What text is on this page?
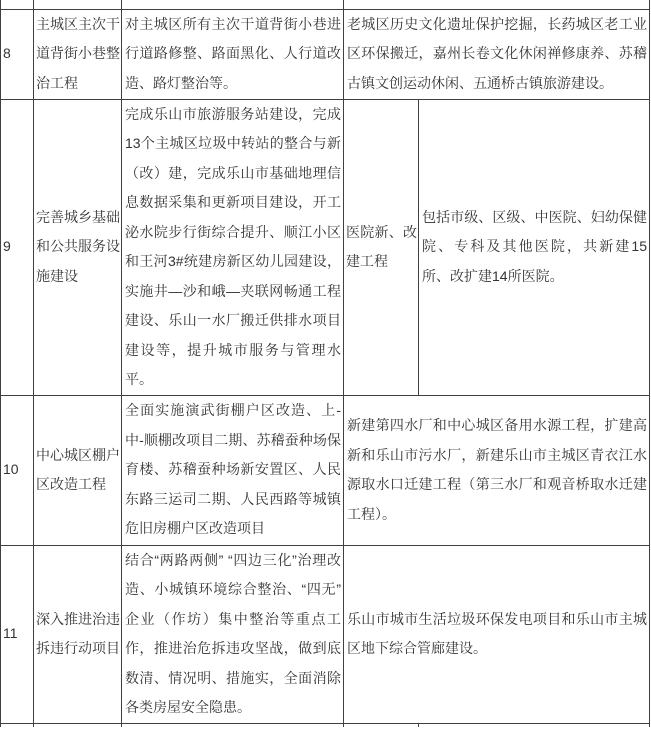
8	主城区主次干道背街小巷整治工程	对主城区所有主次干道背街小巷进行道路修整、路面黑化、人行道改造、路灯整治等。	老城区历史文化遗址保护挖掘，长药城区老工业区环保搬迁，嘉州长卷文化休闲禅修康养、苏稽古镇文创运动休闲、五通桥古镇旅游建设。	
9	完善城乡基础和公共服务设施建设	完成乐山市旅游服务站建设，完成13个主城区垃圾中转站的整合与新（改）建，完成乐山市基础地理信息数据采集和更新项目建设，开工泌水院步行街综合提升、顺江小区和王河3#统建房新区幼儿园建设，实施井—沙和峨—夹联网畅通工程建设、乐山一水厂搬迁供排水项目建设等，提升城市服务与管理水平。	医院新、改建工程	包括市级、区级、中医院、妇幼保健院、专科及其他医院，共新建15所、改扩建14所医院。
10	中心城区棚户区改造工程	全面实施演武街棚户区改造、上-中-顺棚改项目二期、苏稽蚕种场保育楼、苏稽蚕种场新安置区、人民东路三运司二期、人民西路等城镇危旧房棚户区改造项目	新建第四水厂和中心城区备用水源工程，扩建高新和乐山市污水厂，新建乐山市主城区青衣江水源取水口迁建工程（第三水厂和观音桥取水迁建工程）。	
11	深入推进治违拆违行动项目	结合“两路两侧” “四边三化”治理改造、小城镇环境综合整治、“四无”企业（作坊）集中整治等重点工作，推进治危拆违攻坚战，做到底数清、情况明、措施实，全面消除各类房屋安全隐患。	乐山市城市生活垃圾环保发电项目和乐山市主城区地下综合管廊建设。	
